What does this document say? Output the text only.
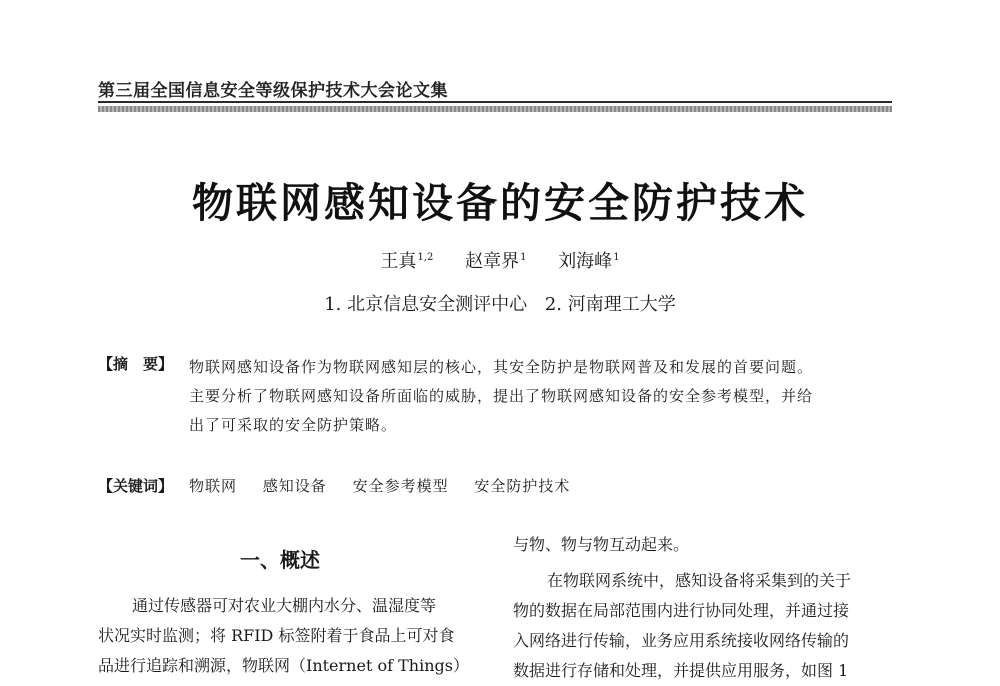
第三届全国信息安全等级保护技术大会论文集
物联网感知设备的安全防护技术
王真$^{1,2}$ 赵章界$^1$ 刘海峰$^1$
1. 北京信息安全测评中心 2. 河南理工大学
【摘　要】 物联网感知设备作为物联网感知层的核心，其安全防护是物联网普及和发展的首要问题。
主要分析了物联网感知设备所面临的威胁，提出了物联网感知设备的安全参考模型，并给
出了可采取的安全防护策略。
【关键词】 物联网 感知设备 安全参考模型 安全防护技术
一、概述
通过传感器可对农业大棚内水分、温湿度等
状况实时监测；将 RFID 标签附着于食品上可对食
品进行追踪和溯源，物联网（Internet of Things）
与物、物与物互动起来。
在物联网系统中，感知设备将采集到的关于
物的数据在局部范围内进行协同处理，并通过接
入网络进行传输，业务应用系统接收网络传输的
数据进行存储和处理，并提供应用服务，如图 1
